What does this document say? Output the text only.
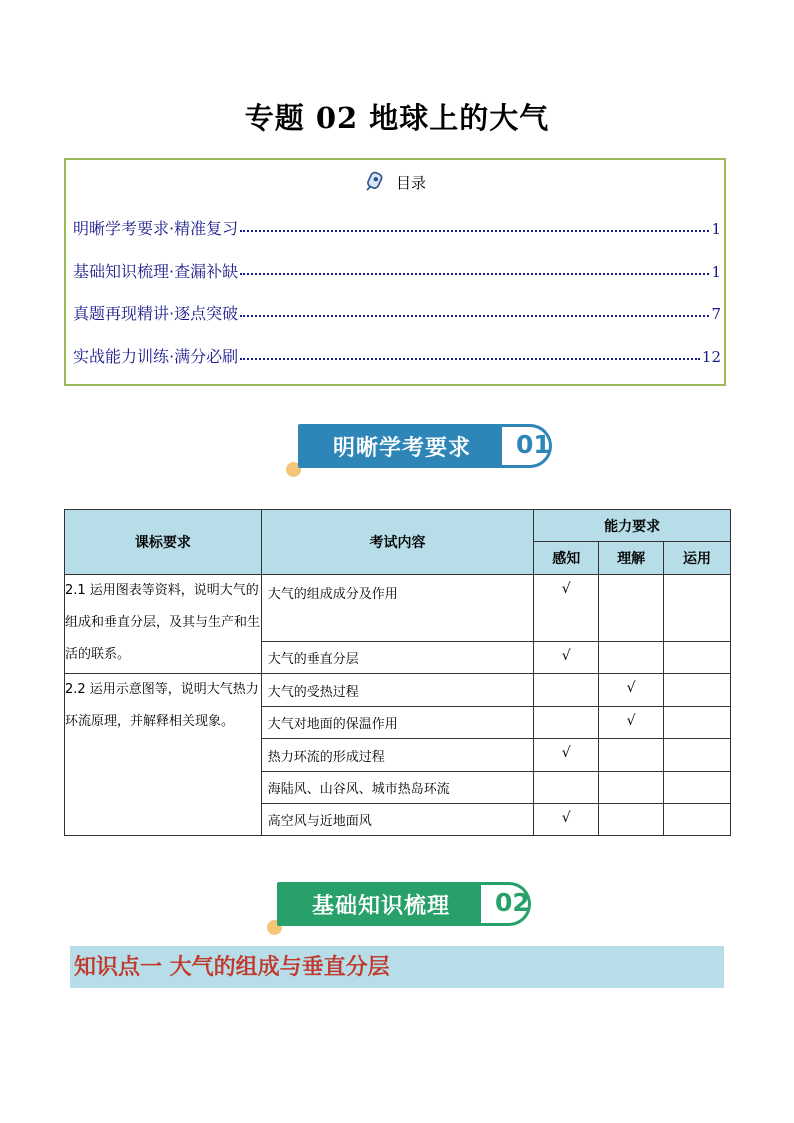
专题 02 地球上的大气
目录
明晰学考要求·精准复习	1
基础知识梳理·查漏补缺	1
真题再现精讲·逐点突破	7
实战能力训练·满分必刷	12
明晰学考要求	01
课标要求	考试内容	能力要求		
		感知	理解	运用
2.1 运用图表等资料，说明大气的组成和垂直分层，及其与生产和生活的联系。	大气的组成成分及作用	√		
	大气的垂直分层	√		
2.2 运用示意图等，说明大气热力环流原理，并解释相关现象。	大气的受热过程		√	
	大气对地面的保温作用		√	
	热力环流的形成过程	√		
	海陆风、山谷风、城市热岛环流			
	高空风与近地面风	√		
基础知识梳理	02
知识点一 大气的组成与垂直分层
